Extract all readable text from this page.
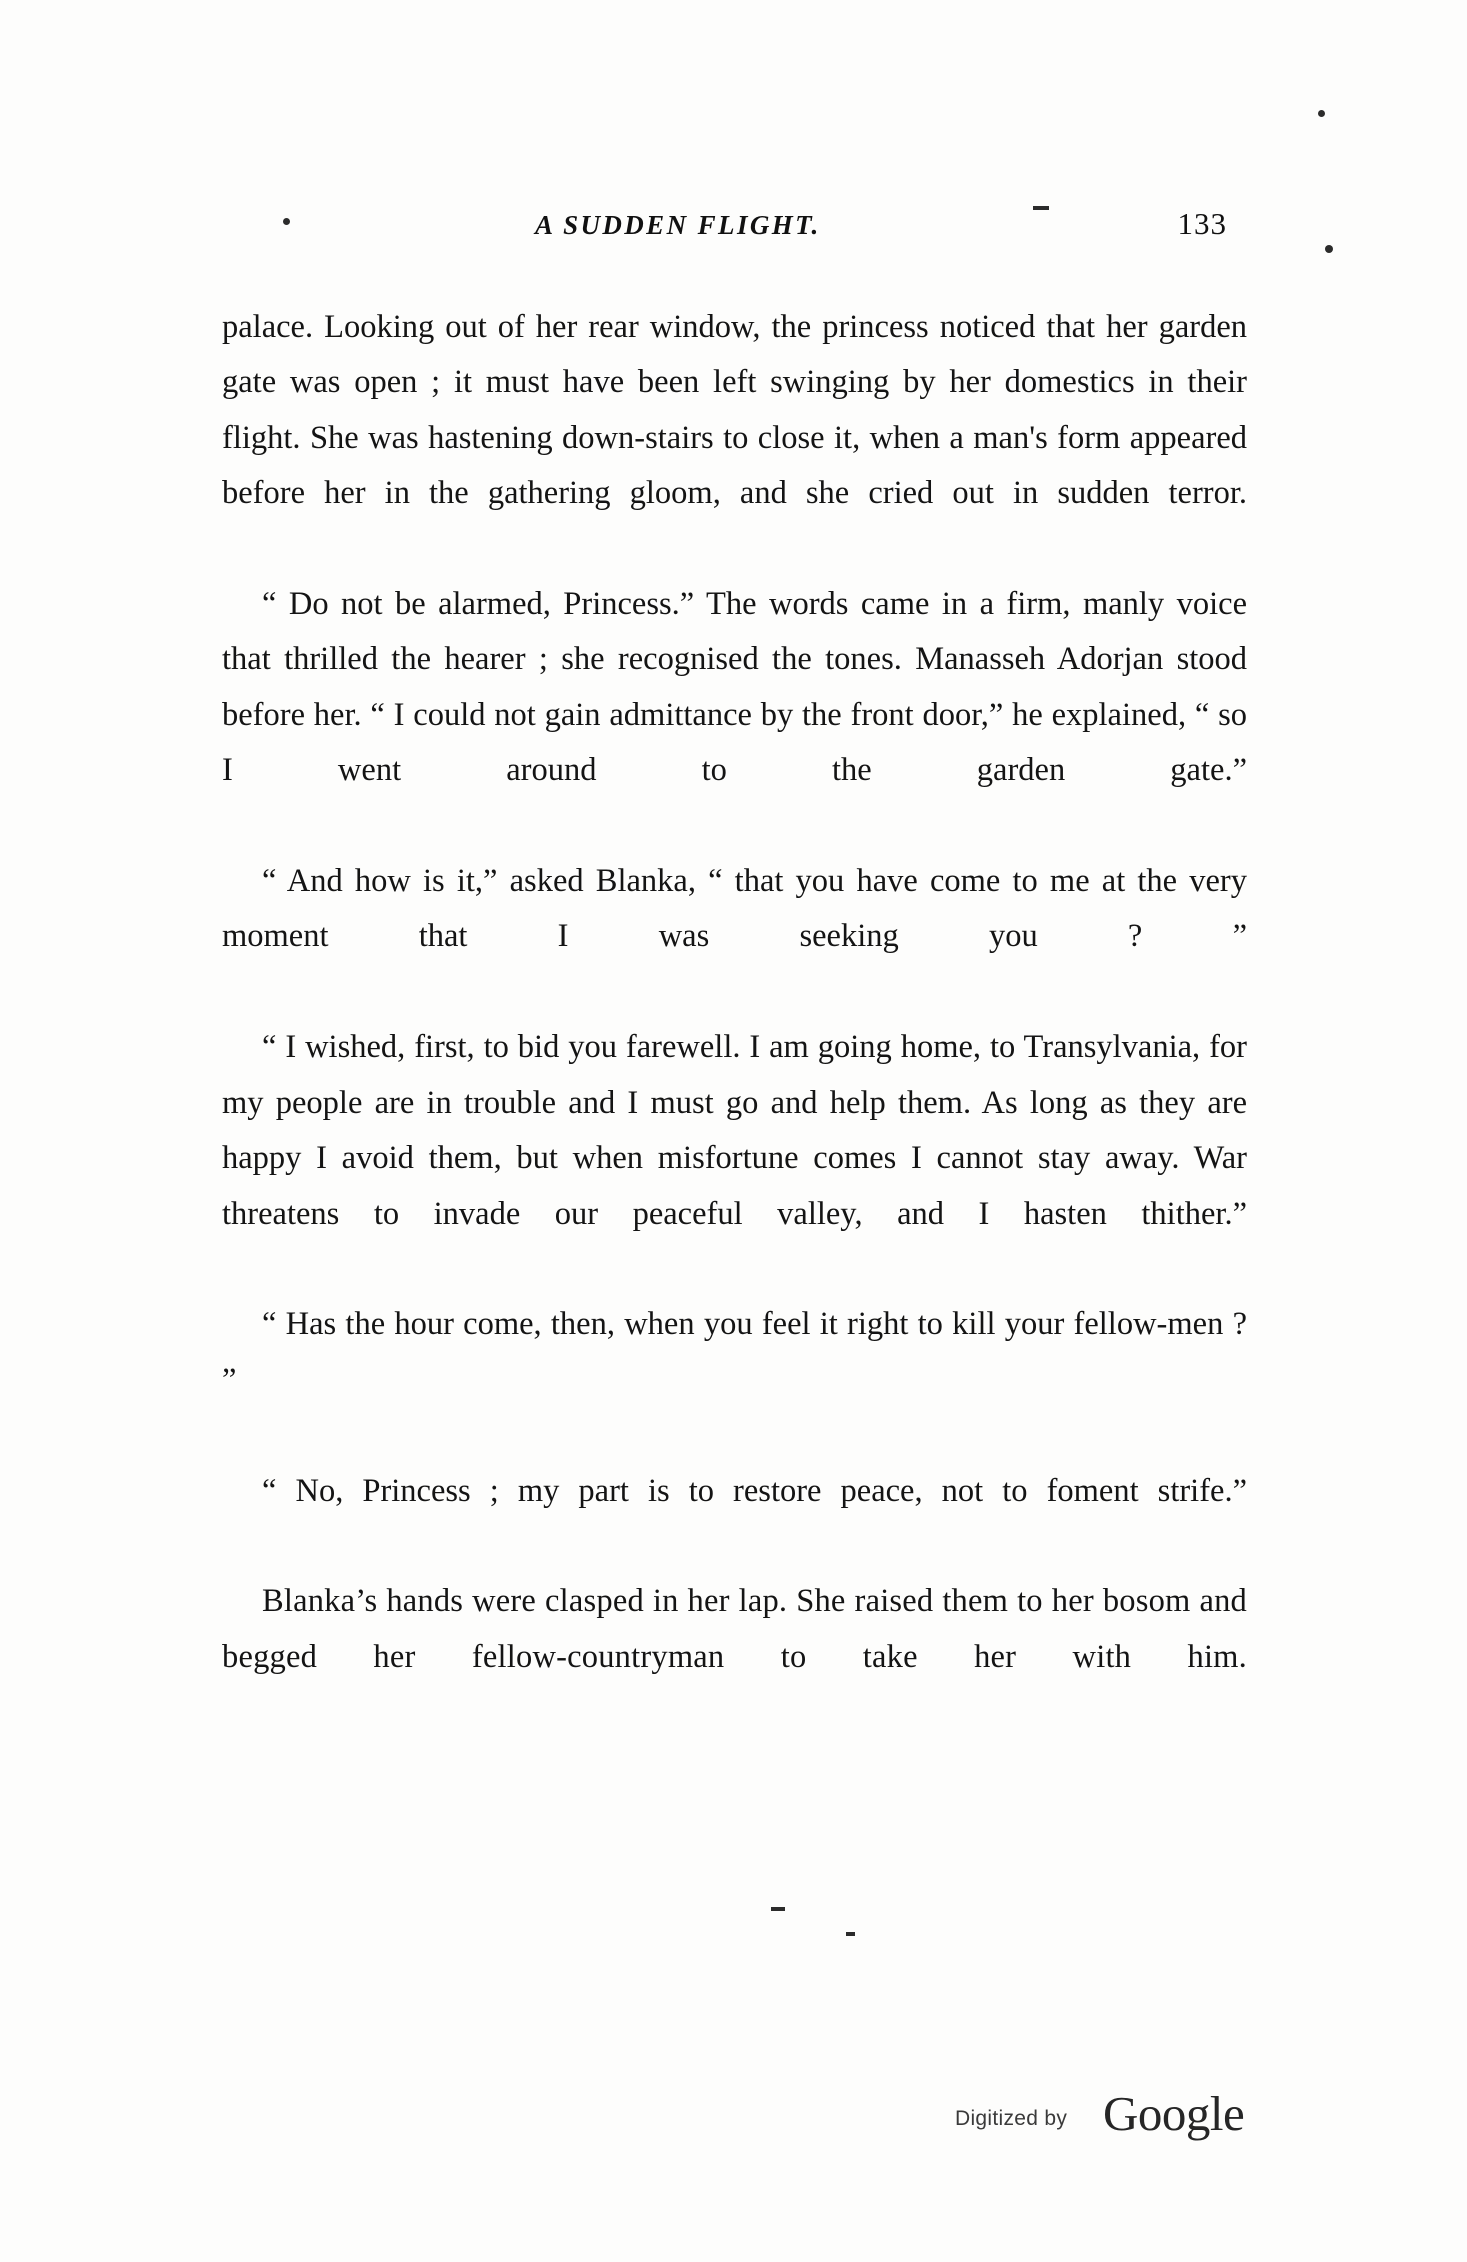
A SUDDEN FLIGHT.	133

palace. Looking out of her rear window, the princess noticed that her garden gate was open ; it must have been left swinging by her domestics in their flight. She was hastening down-stairs to close it, when a man's form appeared before her in the gathering gloom, and she cried out in sudden terror.

“ Do not be alarmed, Princess.” The words came in a firm, manly voice that thrilled the hearer ; she recognised the tones. Manasseh Adorjan stood before her. “ I could not gain admittance by the front door,” he explained, “ so I went around to the garden gate.”

“ And how is it,” asked Blanka, “ that you have come to me at the very moment that I was seeking you ? ”

“ I wished, first, to bid you farewell. I am going home, to Transylvania, for my people are in trouble and I must go and help them. As long as they are happy I avoid them, but when misfortune comes I cannot stay away. War threatens to invade our peaceful valley, and I hasten thither.”

“ Has the hour come, then, when you feel it right to kill your fellow-men ? ”

“ No, Princess ; my part is to restore peace, not to foment strife.”

Blanka’s hands were clasped in her lap. She raised them to her bosom and begged her fellow-countryman to take her with him.

Digitized by Google
